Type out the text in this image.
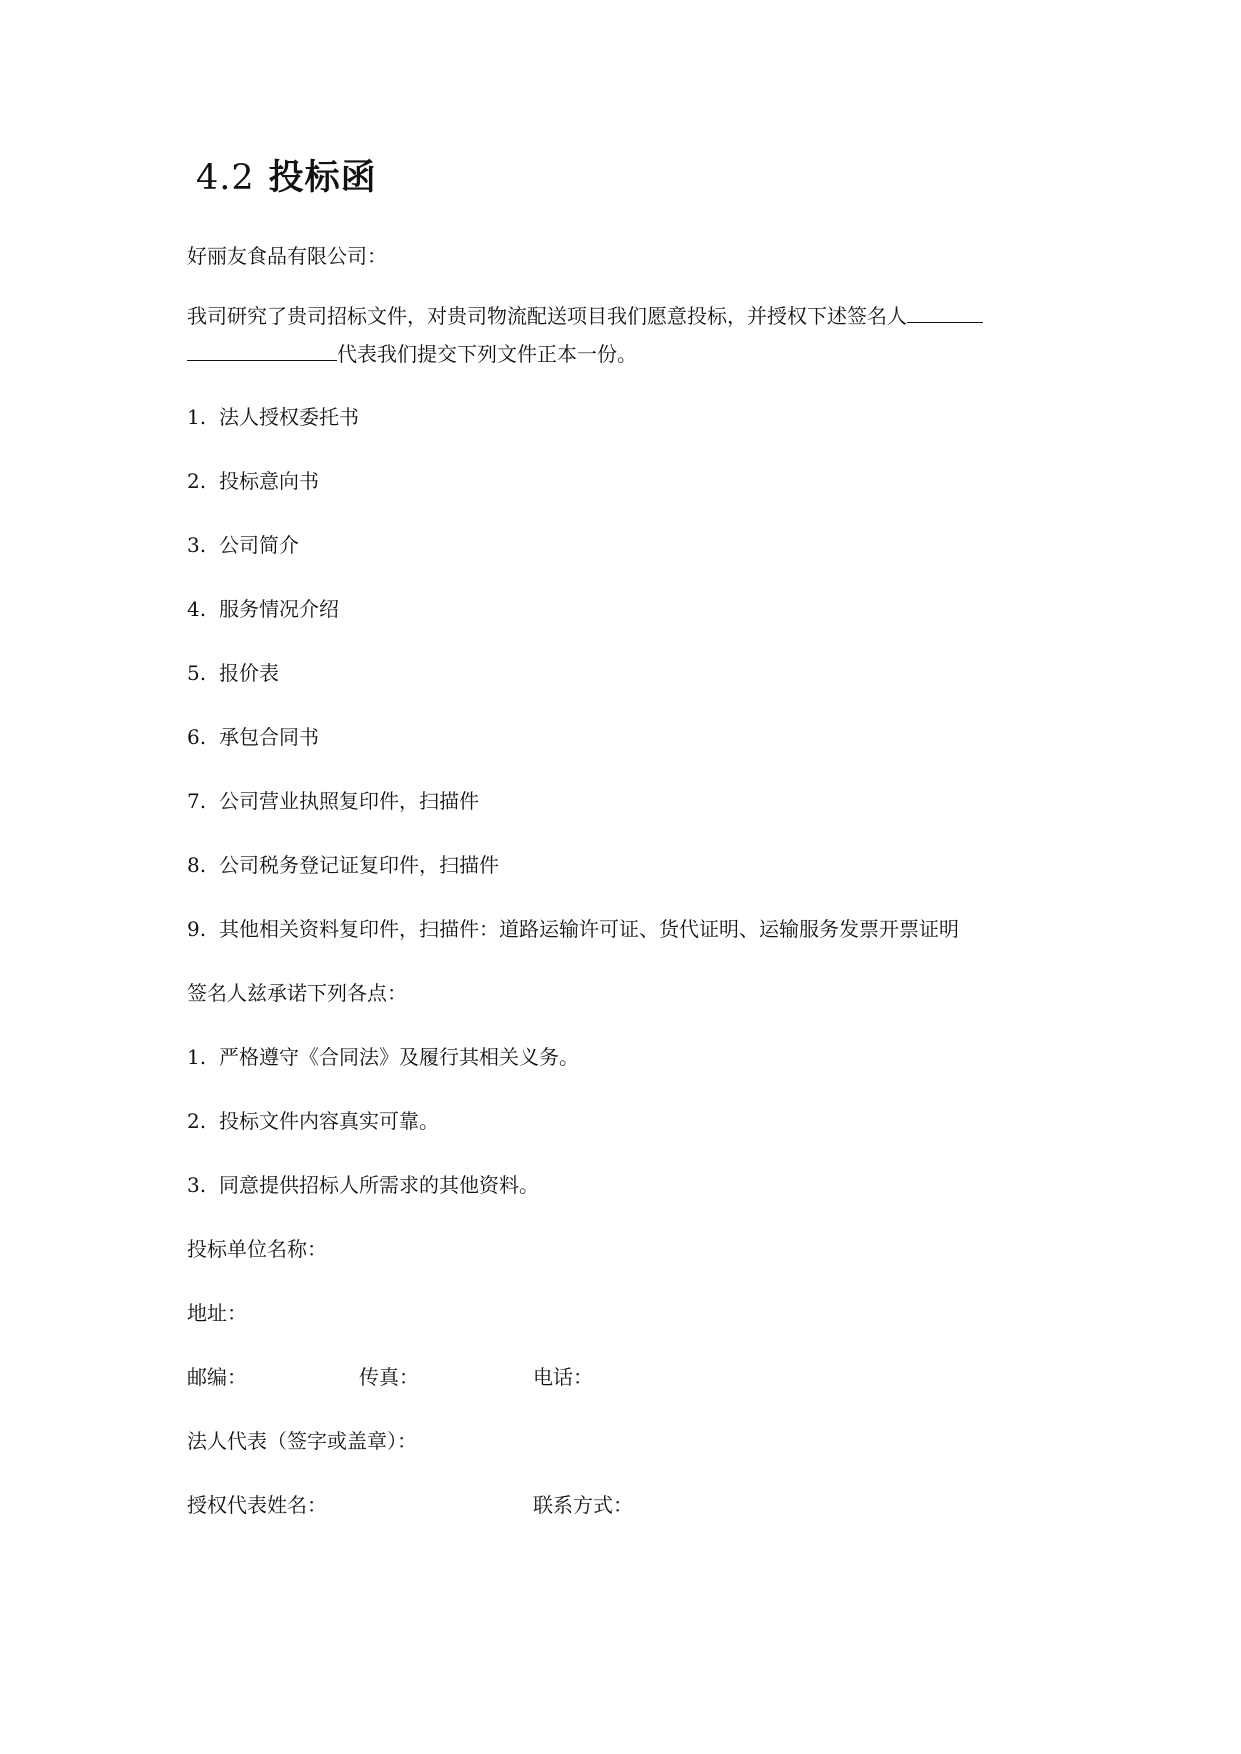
4.2 投标函
好丽友食品有限公司：
我司研究了贵司招标文件，对贵司物流配送项目我们愿意投标，并授权下述签名人
代表我们提交下列文件正本一份。
1. 法人授权委托书
2. 投标意向书
3. 公司简介
4. 服务情况介绍
5. 报价表
6. 承包合同书
7. 公司营业执照复印件，扫描件
8. 公司税务登记证复印件，扫描件
9. 其他相关资料复印件，扫描件：道路运输许可证、货代证明、运输服务发票开票证明
签名人兹承诺下列各点：
1. 严格遵守《合同法》及履行其相关义务。
2. 投标文件内容真实可靠。
3. 同意提供招标人所需求的其他资料。
投标单位名称：
地址：
邮编：	传真：	电话：
法人代表（签字或盖章）：
授权代表姓名：	联系方式：
